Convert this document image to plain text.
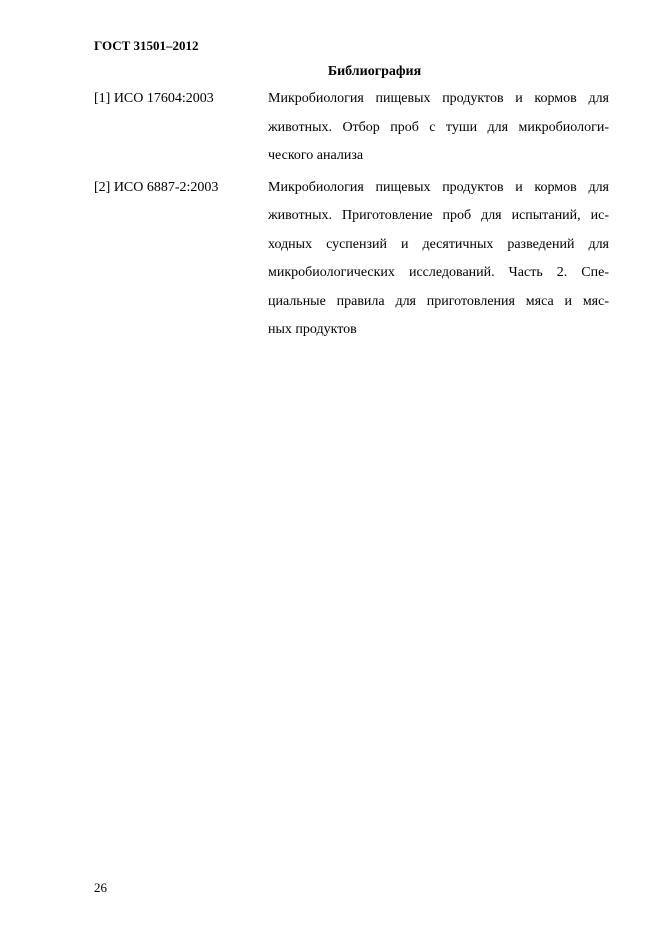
ГОСТ 31501–2012
Библиография
[1] ИСО 17604:2003	Микробиология пищевых продуктов и кормов для
животных. Отбор проб с туши для микробиологи-
ческого анализа
[2] ИСО 6887-2:2003	Микробиология пищевых продуктов и кормов для
животных. Приготовление проб для испытаний, ис-
ходных суспензий и десятичных разведений для
микробиологических исследований. Часть 2. Спе-
циальные правила для приготовления мяса и мяс-
ных продуктов
26
